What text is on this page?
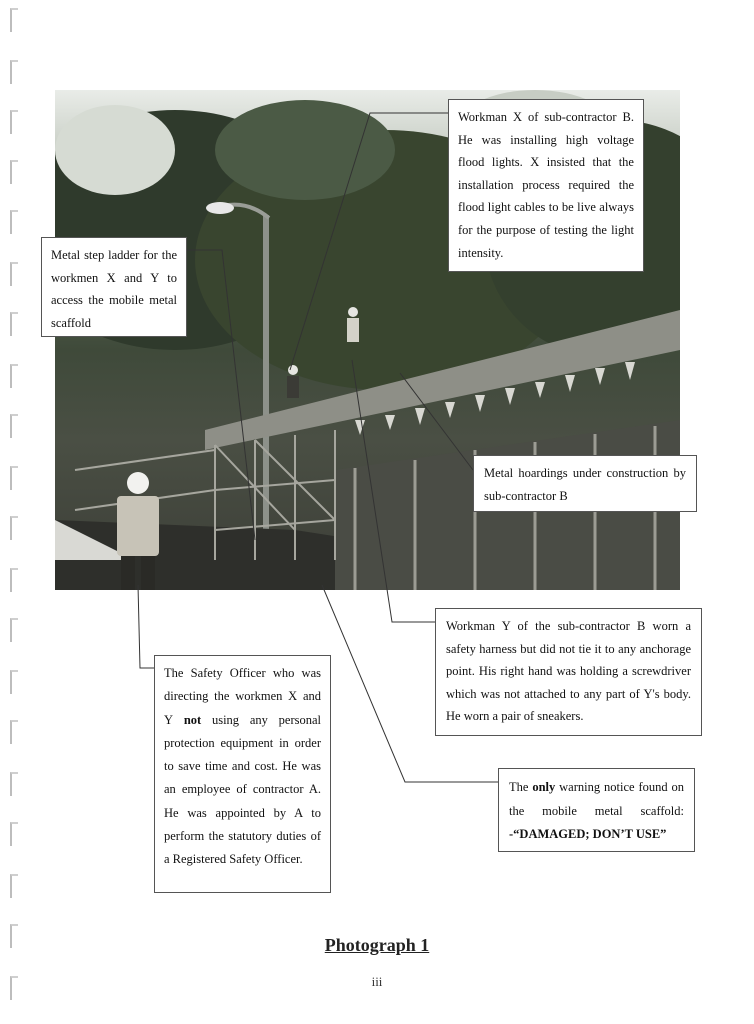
Workman X of sub-contractor B. He was installing high voltage flood lights. X insisted that the installation process required the flood light cables to be live always for the purpose of testing the light intensity.
Metal step ladder for the workmen X and Y to access the mobile metal scaffold
Metal hoardings under construction by sub-contractor B
Workman Y of the sub-contractor B worn a safety harness but did not tie it to any anchorage point. His right hand was holding a screwdriver which was not attached to any part of Y's body. He worn a pair of sneakers.
The Safety Officer who was directing the workmen X and Y not using any personal protection equipment in order to save time and cost. He was an employee of contractor A. He was appointed by A to perform the statutory duties of a Registered Safety Officer.
The only warning notice found on the mobile metal scaffold: -“DAMAGED; DON’T USE”
Photograph 1
iii
